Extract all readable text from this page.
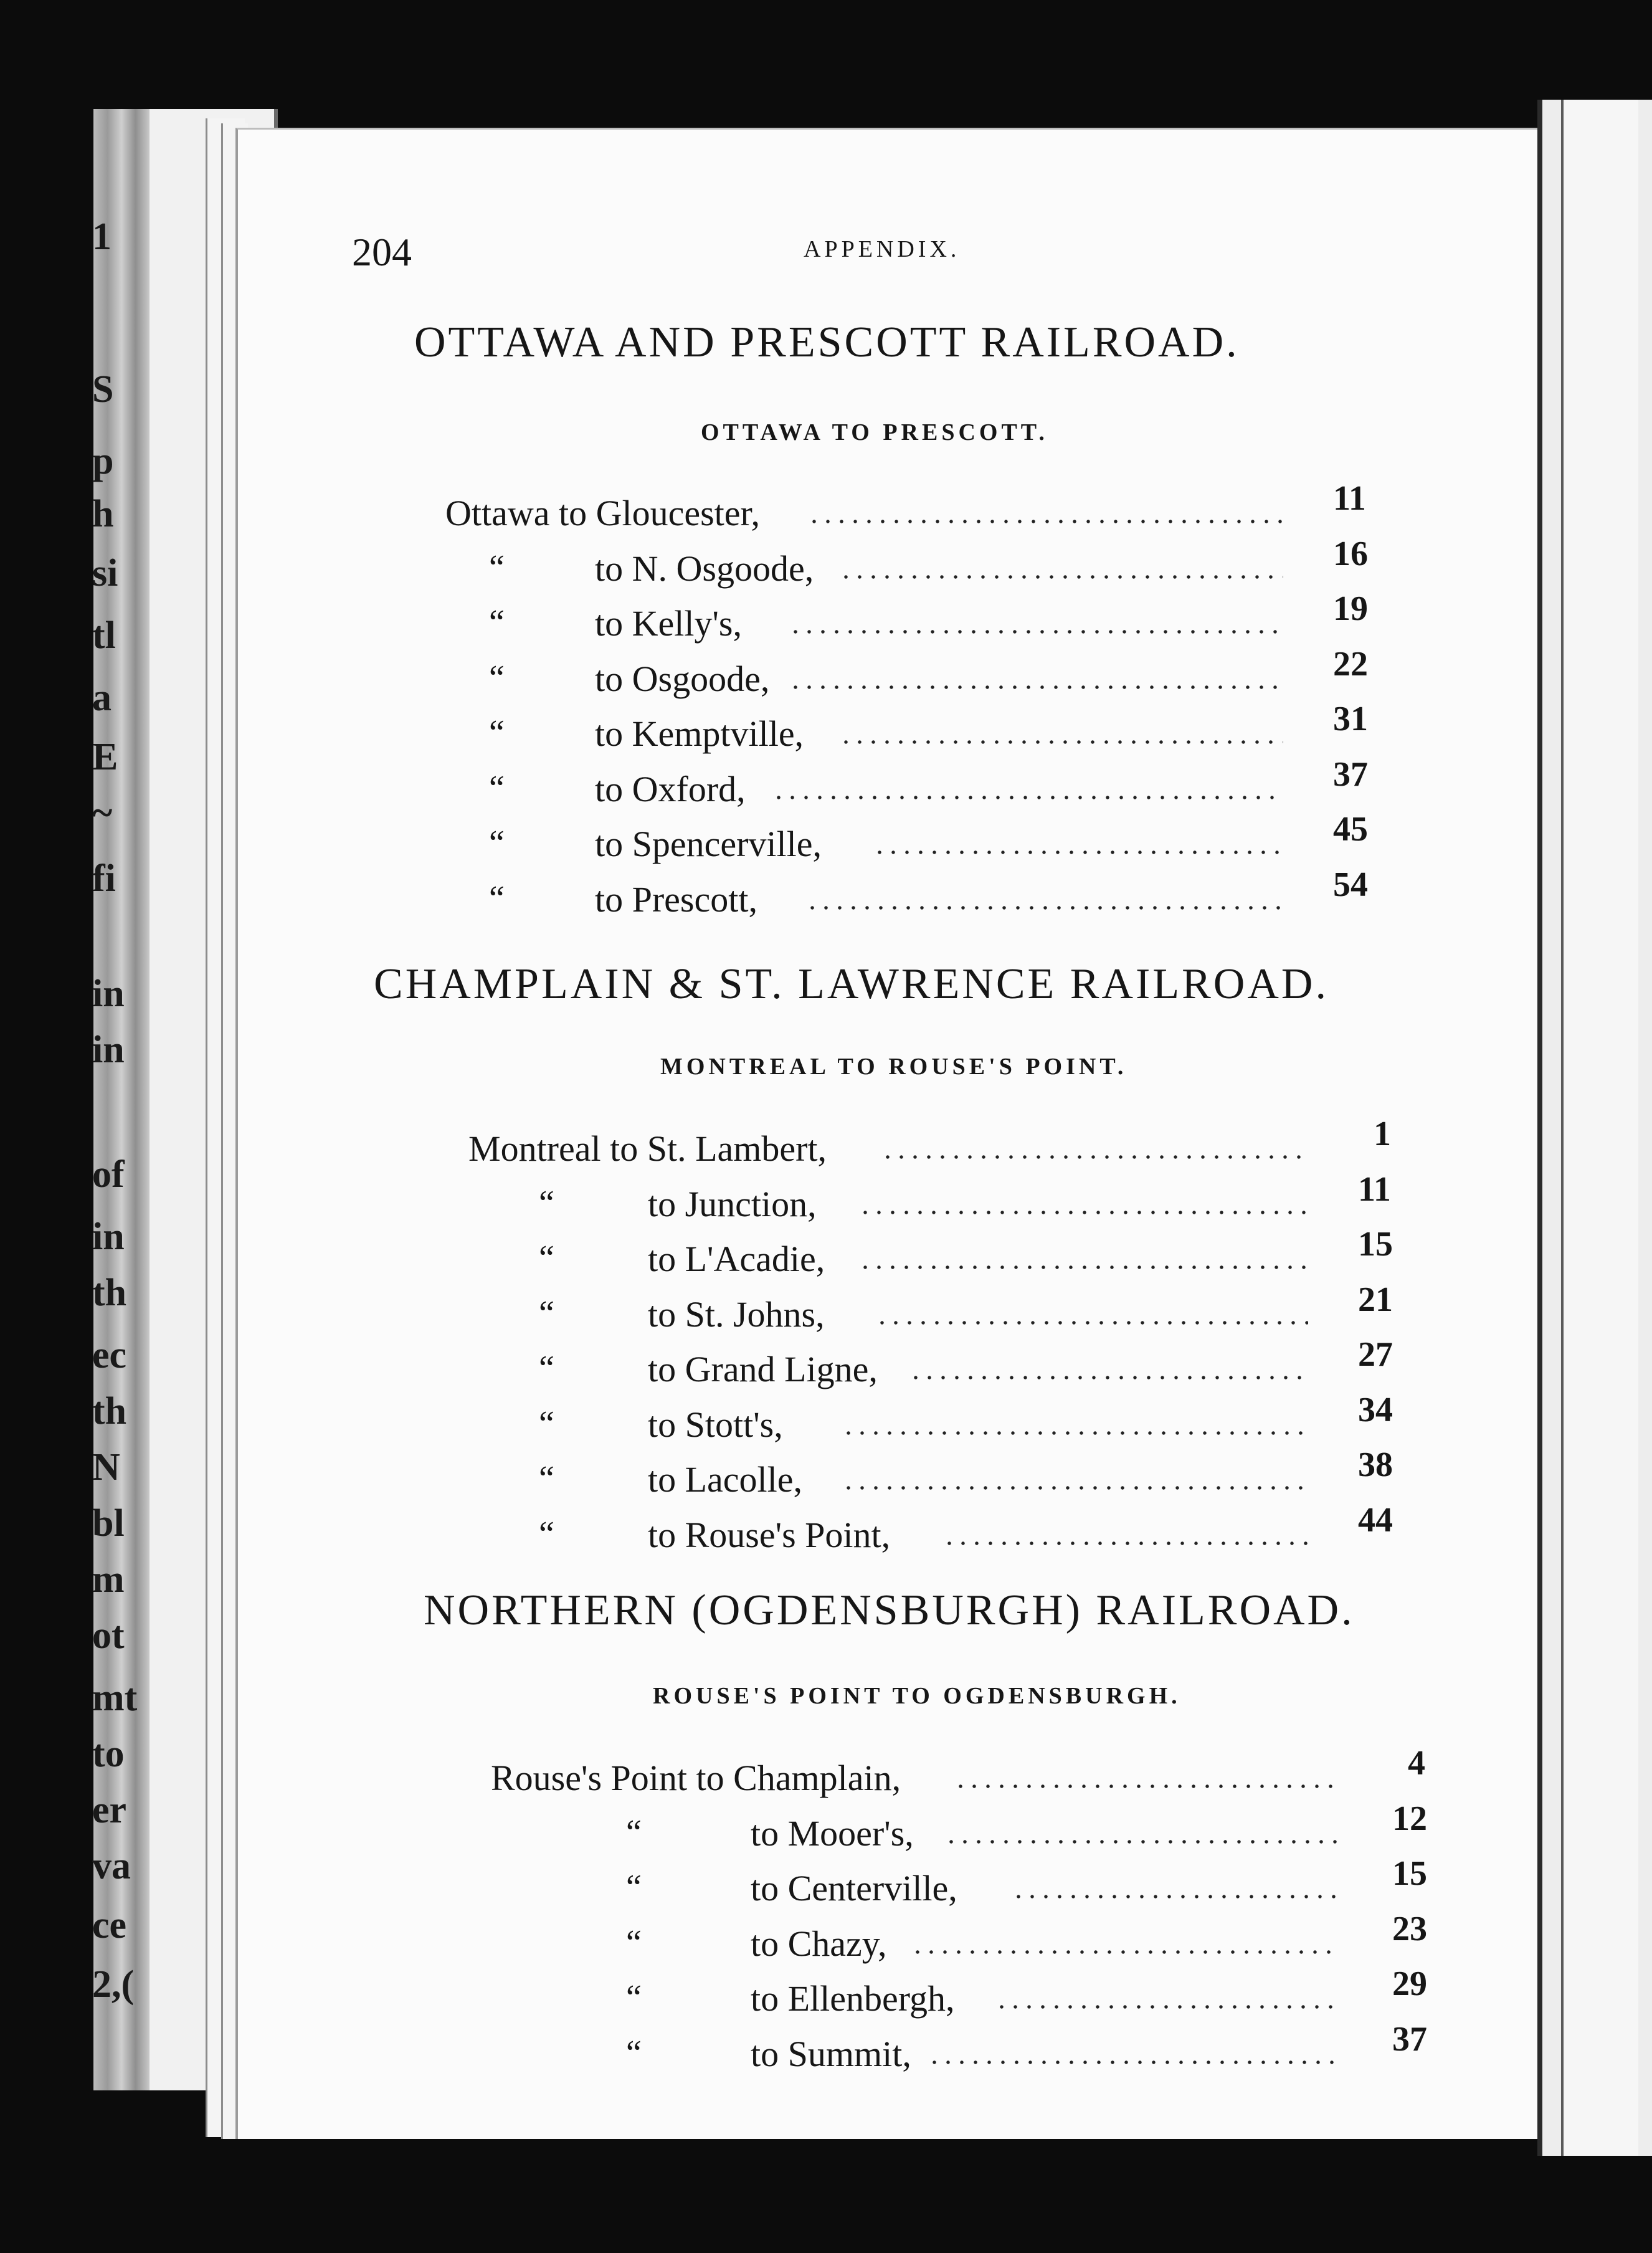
1
S
p
h
si
tl
a
E
~
fi
in
in
of
in
th
ec
th
N
bl
m
ot
mt
to
er
va
ce
2,(
204	APPENDIX.
OTTAWA AND PRESCOTT RAILROAD.
OTTAWA TO PRESCOTT.
Ottawa to Gloucester,	11
“	to N. Osgoode,	16
“	to Kelly's,	19
“	to Osgoode,	22
“	to Kemptville,	31
“	to Oxford,	37
“	to Spencerville,	45
“	to Prescott,	54
CHAMPLAIN & ST. LAWRENCE RAILROAD.
MONTREAL TO ROUSE'S POINT.
Montreal to St. Lambert,	1
“	to Junction,	11
“	to L'Acadie,	15
“	to St. Johns,	21
“	to Grand Ligne,	27
“	to Stott's,	34
“	to Lacolle,	38
“	to Rouse's Point,	44
NORTHERN (OGDENSBURGH) RAILROAD.
ROUSE'S POINT TO OGDENSBURGH.
Rouse's Point to Champlain,	4
“	to Mooer's,	12
“	to Centerville,	15
“	to Chazy,	23
“	to Ellenbergh,	29
“	to Summit,	37
